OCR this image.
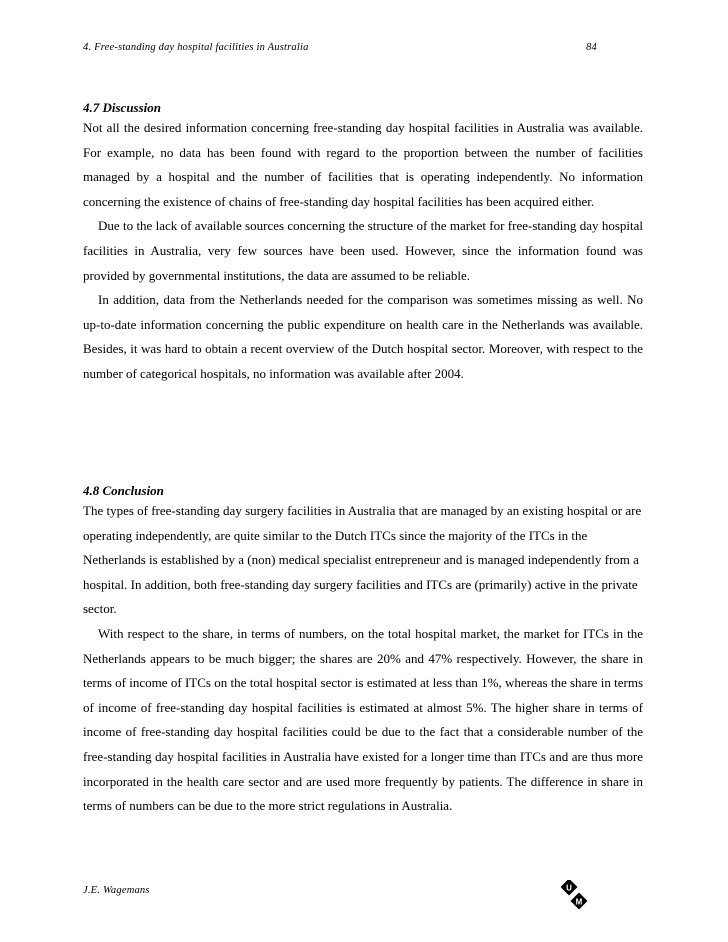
4. Free-standing day hospital facilities in Australia	84
4.7 Discussion

Not all the desired information concerning free-standing day hospital facilities in Australia was available. For example, no data has been found with regard to the proportion between the number of facilities managed by a hospital and the number of facilities that is operating independently. No information concerning the existence of chains of free-standing day hospital facilities has been acquired either.

Due to the lack of available sources concerning the structure of the market for free-standing day hospital facilities in Australia, very few sources have been used. However, since the information found was provided by governmental institutions, the data are assumed to be reliable.

In addition, data from the Netherlands needed for the comparison was sometimes missing as well. No up-to-date information concerning the public expenditure on health care in the Netherlands was available. Besides, it was hard to obtain a recent overview of the Dutch hospital sector. Moreover, with respect to the number of categorical hospitals, no information was available after 2004.

4.8 Conclusion

The types of free-standing day surgery facilities in Australia that are managed by an existing hospital or are operating independently, are quite similar to the Dutch ITCs since the majority of the ITCs in the Netherlands is established by a (non) medical specialist entrepreneur and is managed independently from a hospital. In addition, both free-standing day surgery facilities and ITCs are (primarily) active in the private sector.

With respect to the share, in terms of numbers, on the total hospital market, the market for ITCs in the Netherlands appears to be much bigger; the shares are 20% and 47% respectively. However, the share in terms of income of ITCs on the total hospital sector is estimated at less than 1%, whereas the share in terms of income of free-standing day hospital facilities is estimated at almost 5%. The higher share in terms of income of free-standing day hospital facilities could be due to the fact that a considerable number of the free-standing day hospital facilities in Australia have existed for a longer time than ITCs and are thus more incorporated in the health care sector and are used more frequently by patients. The difference in share in terms of numbers can be due to the more strict regulations in Australia.

J.E. Wagemans	U
M
